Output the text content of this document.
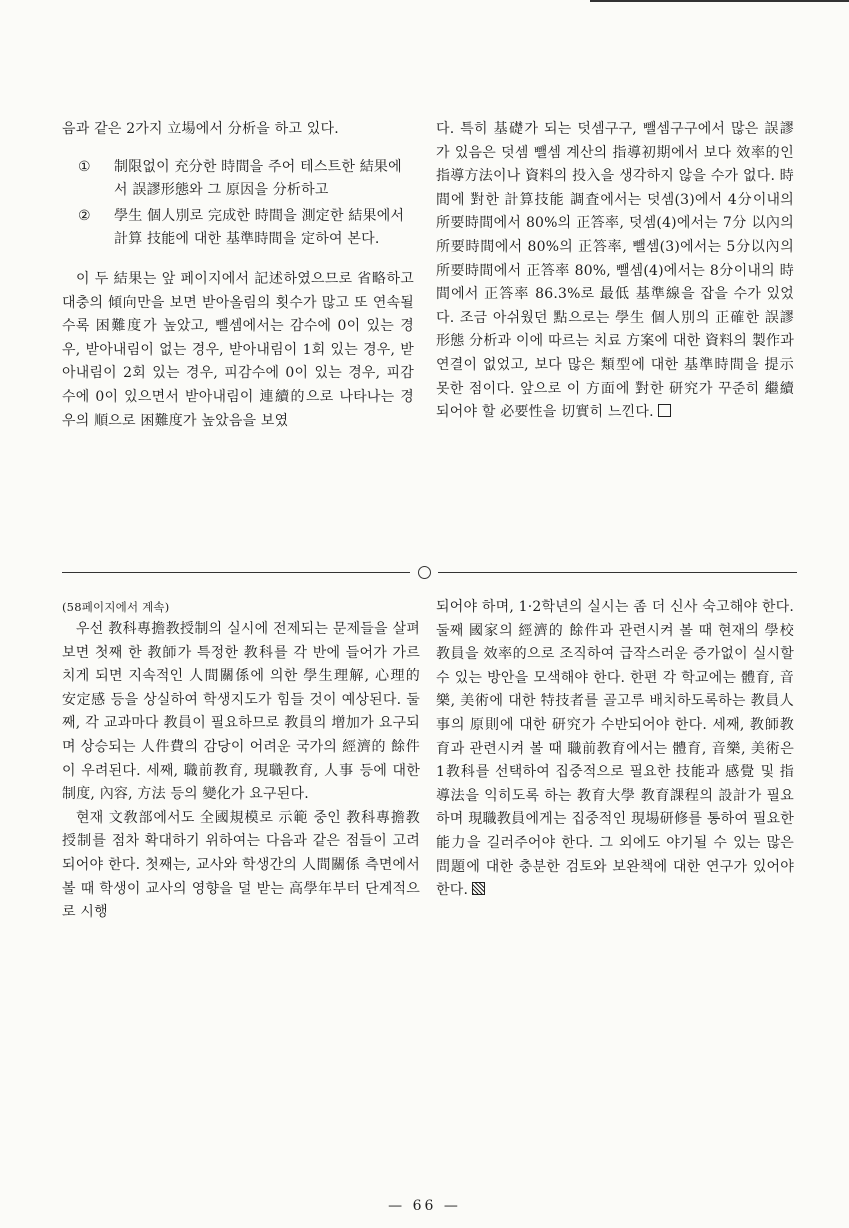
음과 같은 2가지 立場에서 分析을 하고 있다.

①	制限없이 充分한 時間을 주어 테스트한 結果에서 誤謬形態와 그 原因을 分析하고
②	學生 個人別로 完成한 時間을 測定한 結果에서 計算 技能에 대한 基準時間을 定하여 본다.

이 두 結果는 앞 페이지에서 記述하였으므로 省略하고 대충의 傾向만을 보면 받아올림의 횟수가 많고 또 연속될수록 困難度가 높았고, 뺄셈에서는 감수에 0이 있는 경우, 받아내림이 없는 경우, 받아내림이 1회 있는 경우, 받아내림이 2회 있는 경우, 피감수에 0이 있는 경우, 피감수에 0이 있으면서 받아내림이 連續的으로 나타나는 경우의 順으로 困難度가 높았음을 보였

다. 특히 基礎가 되는 덧셈구구, 뺄셈구구에서 많은 誤謬가 있음은 덧셈 뺄셈 계산의 指導初期에서 보다 效率的인 指導方法이나 資料의 投入을 생각하지 않을 수가 없다. 時間에 對한 計算技能 調査에서는 덧셈(3)에서 4分이내의 所要時間에서 80%의 正答率, 덧셈(4)에서는 7分 以內의 所要時間에서 80%의 正答率, 뺄셈(3)에서는 5分以內의 所要時間에서 正答率 80%, 뺄셈(4)에서는 8分이내의 時間에서 正答率 86.3%로 最低 基準線을 잡을 수가 있었다. 조금 아쉬웠던 點으로는 學生 個人別의 正確한 誤謬形態 分析과 이에 따르는 치료 方案에 대한 資料의 製作과 연결이 없었고, 보다 많은 類型에 대한 基準時間을 提示 못한 점이다. 앞으로 이 方面에 對한 研究가 꾸준히 繼續되어야 할 必要性을 切實히 느낀다.

(58페이지에서 계속)

우선 教科專擔教授制의 실시에 전제되는 문제들을 살펴보면 첫째 한 教師가 특정한 教科를 각 반에 들어가 가르치게 되면 지속적인 人間關係에 의한 學生理解, 心理的 安定感 등을 상실하여 학생지도가 힘들 것이 예상된다. 둘째, 각 교과마다 教員이 필요하므로 教員의 增加가 요구되며 상승되는 人件費의 감당이 어려운 국가의 經濟的 餘件이 우려된다. 세째, 職前教育, 現職教育, 人事 등에 대한 制度, 內容, 方法 등의 變化가 요구된다.

현재 文敎部에서도 全國規模로 示範 중인 教科專擔教授制를 점차 확대하기 위하여는 다음과 같은 점들이 고려되어야 한다. 첫째는, 교사와 학생간의 人間關係 측면에서 볼 때 학생이 교사의 영향을 덜 받는 高學年부터 단계적으로 시행

되어야 하며, 1·2학년의 실시는 좀 더 신사 숙고해야 한다. 둘째 國家의 經濟的 餘件과 관련시켜 볼 때 현재의 學校 教員을 效率的으로 조직하여 급작스러운 증가없이 실시할 수 있는 방안을 모색해야 한다. 한편 각 학교에는 體育, 音樂, 美術에 대한 特技者를 골고루 배치하도록하는 教員人事의 原則에 대한 研究가 수반되어야 한다. 세째, 教師教育과 관련시켜 볼 때 職前教育에서는 體育, 音樂, 美術은 1教科를 선택하여 집중적으로 필요한 技能과 感覺 및 指導法을 익히도록 하는 教育大學 教育課程의 設計가 필요하며 現職教員에게는 집중적인 現場研修를 통하여 필요한 能力을 길러주어야 한다. 그 외에도 야기될 수 있는 많은 問題에 대한 충분한 검토와 보완책에 대한 연구가 있어야 한다.

— 66 —
